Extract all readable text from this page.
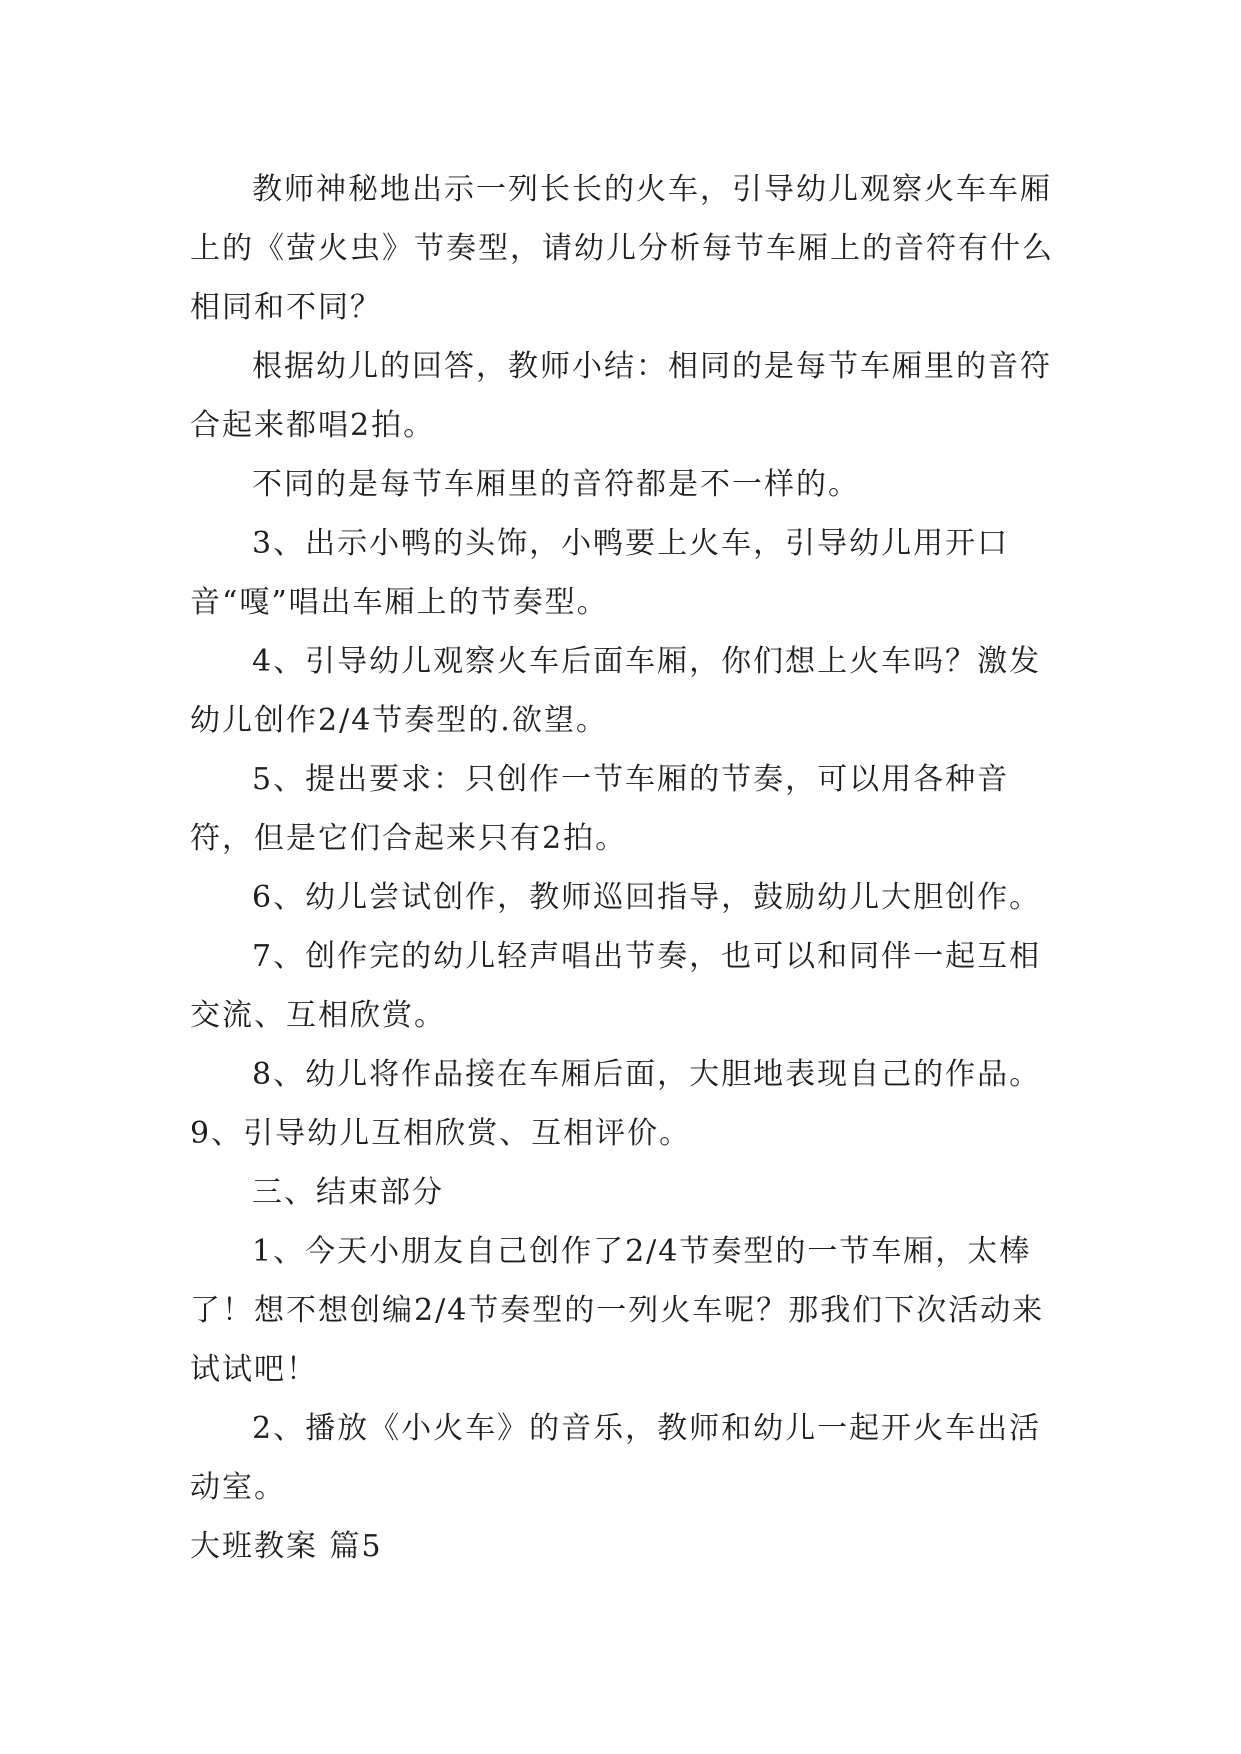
教师神秘地出示一列长长的火车，引导幼儿观察火车车厢上的《萤火虫》节奏型，请幼儿分析每节车厢上的音符有什么相同和不同？

根据幼儿的回答，教师小结：相同的是每节车厢里的音符合起来都唱2拍。

不同的是每节车厢里的音符都是不一样的。

3、出示小鸭的头饰，小鸭要上火车，引导幼儿用开口音“嘎”唱出车厢上的节奏型。

4、引导幼儿观察火车后面车厢，你们想上火车吗？激发幼儿创作2/4节奏型的.欲望。

5、提出要求：只创作一节车厢的节奏，可以用各种音符，但是它们合起来只有2拍。

6、幼儿尝试创作，教师巡回指导，鼓励幼儿大胆创作。

7、创作完的幼儿轻声唱出节奏，也可以和同伴一起互相交流、互相欣赏。

8、幼儿将作品接在车厢后面，大胆地表现自己的作品。

9、引导幼儿互相欣赏、互相评价。

三、结束部分

1、今天小朋友自己创作了2/4节奏型的一节车厢，太棒了！想不想创编2/4节奏型的一列火车呢？那我们下次活动来试试吧！

2、播放《小火车》的音乐，教师和幼儿一起开火车出活动室。

大班教案 篇5
